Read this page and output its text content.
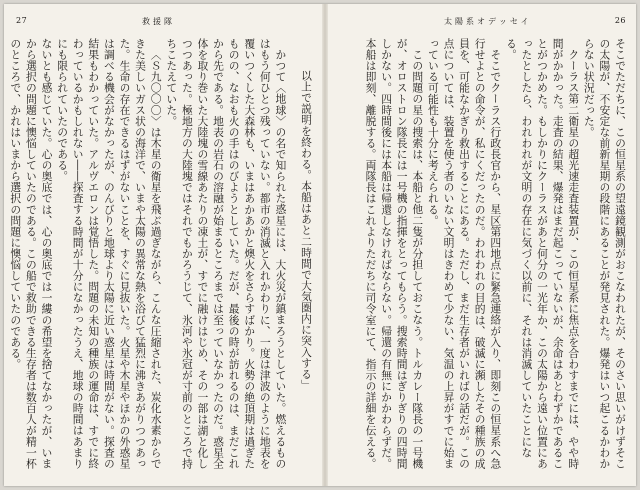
27	救援隊

以上で説明を終わる。本船はあと二時間で大気圏内に突入する」

かつて〈地球〉の名で知られた惑星には、大火災が鎮まろうとしていた。燃えるものはもう何ひとつ残っていない。都市の消滅と入れかわりに、一度は津波のように地表を覆いつくした大森林も、いまはあかあかと燠火をさらすばかり。火勢の絶頂期は過ぎたものの、なおも火の手はのびようとしていた。だが、最後の時が訪れるのは、まだこれから先である。地表の岩石の溶融が始まるところまでは至っていなかったのだ。惑星全体を取り巻いた大陸塊の雪線あたりの凍土が、すでに融けはじめ、その一部は湖と化しつつあった。極地方の大陸塊ではそれでもかろうじて、氷河や氷冠が寸前のところで持ちこたえていた。

〈Ｓ九〇〇〇〉は木星の衛星を飛ぶ過ぎながら、こんな圧縮された、炭化水素からできた美しいガス状の海洋で、いまや太陽の異常な熱を浴びて猛烈に沸きあがりつつあった。生命の存在できるはずがないことを、すぐに見抜いた。火星や木星やほかの外惑星は調べる機会がなかったが、のんびりと地球より太陽に近い惑星は時間がない。探査の結果もわかっていた。アルヴエロンは覚悟した。問題の未知の種族の運命は、すでに終わっているかもしれない――探査する時間が十分になかったうえ、地球の時間はあまりにも限られていたのである。

ないとも感じていた。心の奥底では、心の奥底では一縷の希望を捨てなかったが、いまから選択の問題に懊悩していたのである。この船で救助できる生存者は数百人が精一杯のところで、かれはいまから選択の問題に懊悩していたのである。

太陽系オデッセイ	26

そこでただちに、この恒星系の望遠鏡観測がおこなわれたが、そのさい思いがけずそこの太陽が、不安定な前新星期の段階にあることが発見された。爆発はいつ起こるかわからない状況だった。

クーラス第二衛星の超光速走査装置が、この恒星系に焦点を合わすまでには、やや時間がかかった。走査の結果、爆発はまだ起こっていないが、余命はあとわずかであることがつかめた。もしかりにクーラスがあと何分の一光年か、この太陽から遠い位置にあったとしたら、われわれが文明の存在に気づく以前に、それは消滅していたことになる。

そこでクーラス行政長官から、星区第四地点に緊急連絡が入り、即刻この恒星系へ急行せよとの命令が、私にくだったのだ。われわれの目的は、破滅に瀕したその種族の成員を、可能なかぎり救出することにある。ただし、まだ生存者がいればの話だが。この点については、装置を使う者のいない文明はきわめて少ない、気温の上昇がすでに始まっている可能性も十分に考えられる。

この問題の星の搜索は、本船と他二隻が分担しておこなう。トルカレー隊長の一号機が、オロストロン隊長には一号機の指揮をとってもらう。搜索時間はぎりぎりの四時間しかない。四時間後には本船は帰還しなければならない。帰還の有無にかかわらずだ。本船は即刻、離脱する。両隊長はこれよりただちに司令室にて、指示の詳細を伝える。
